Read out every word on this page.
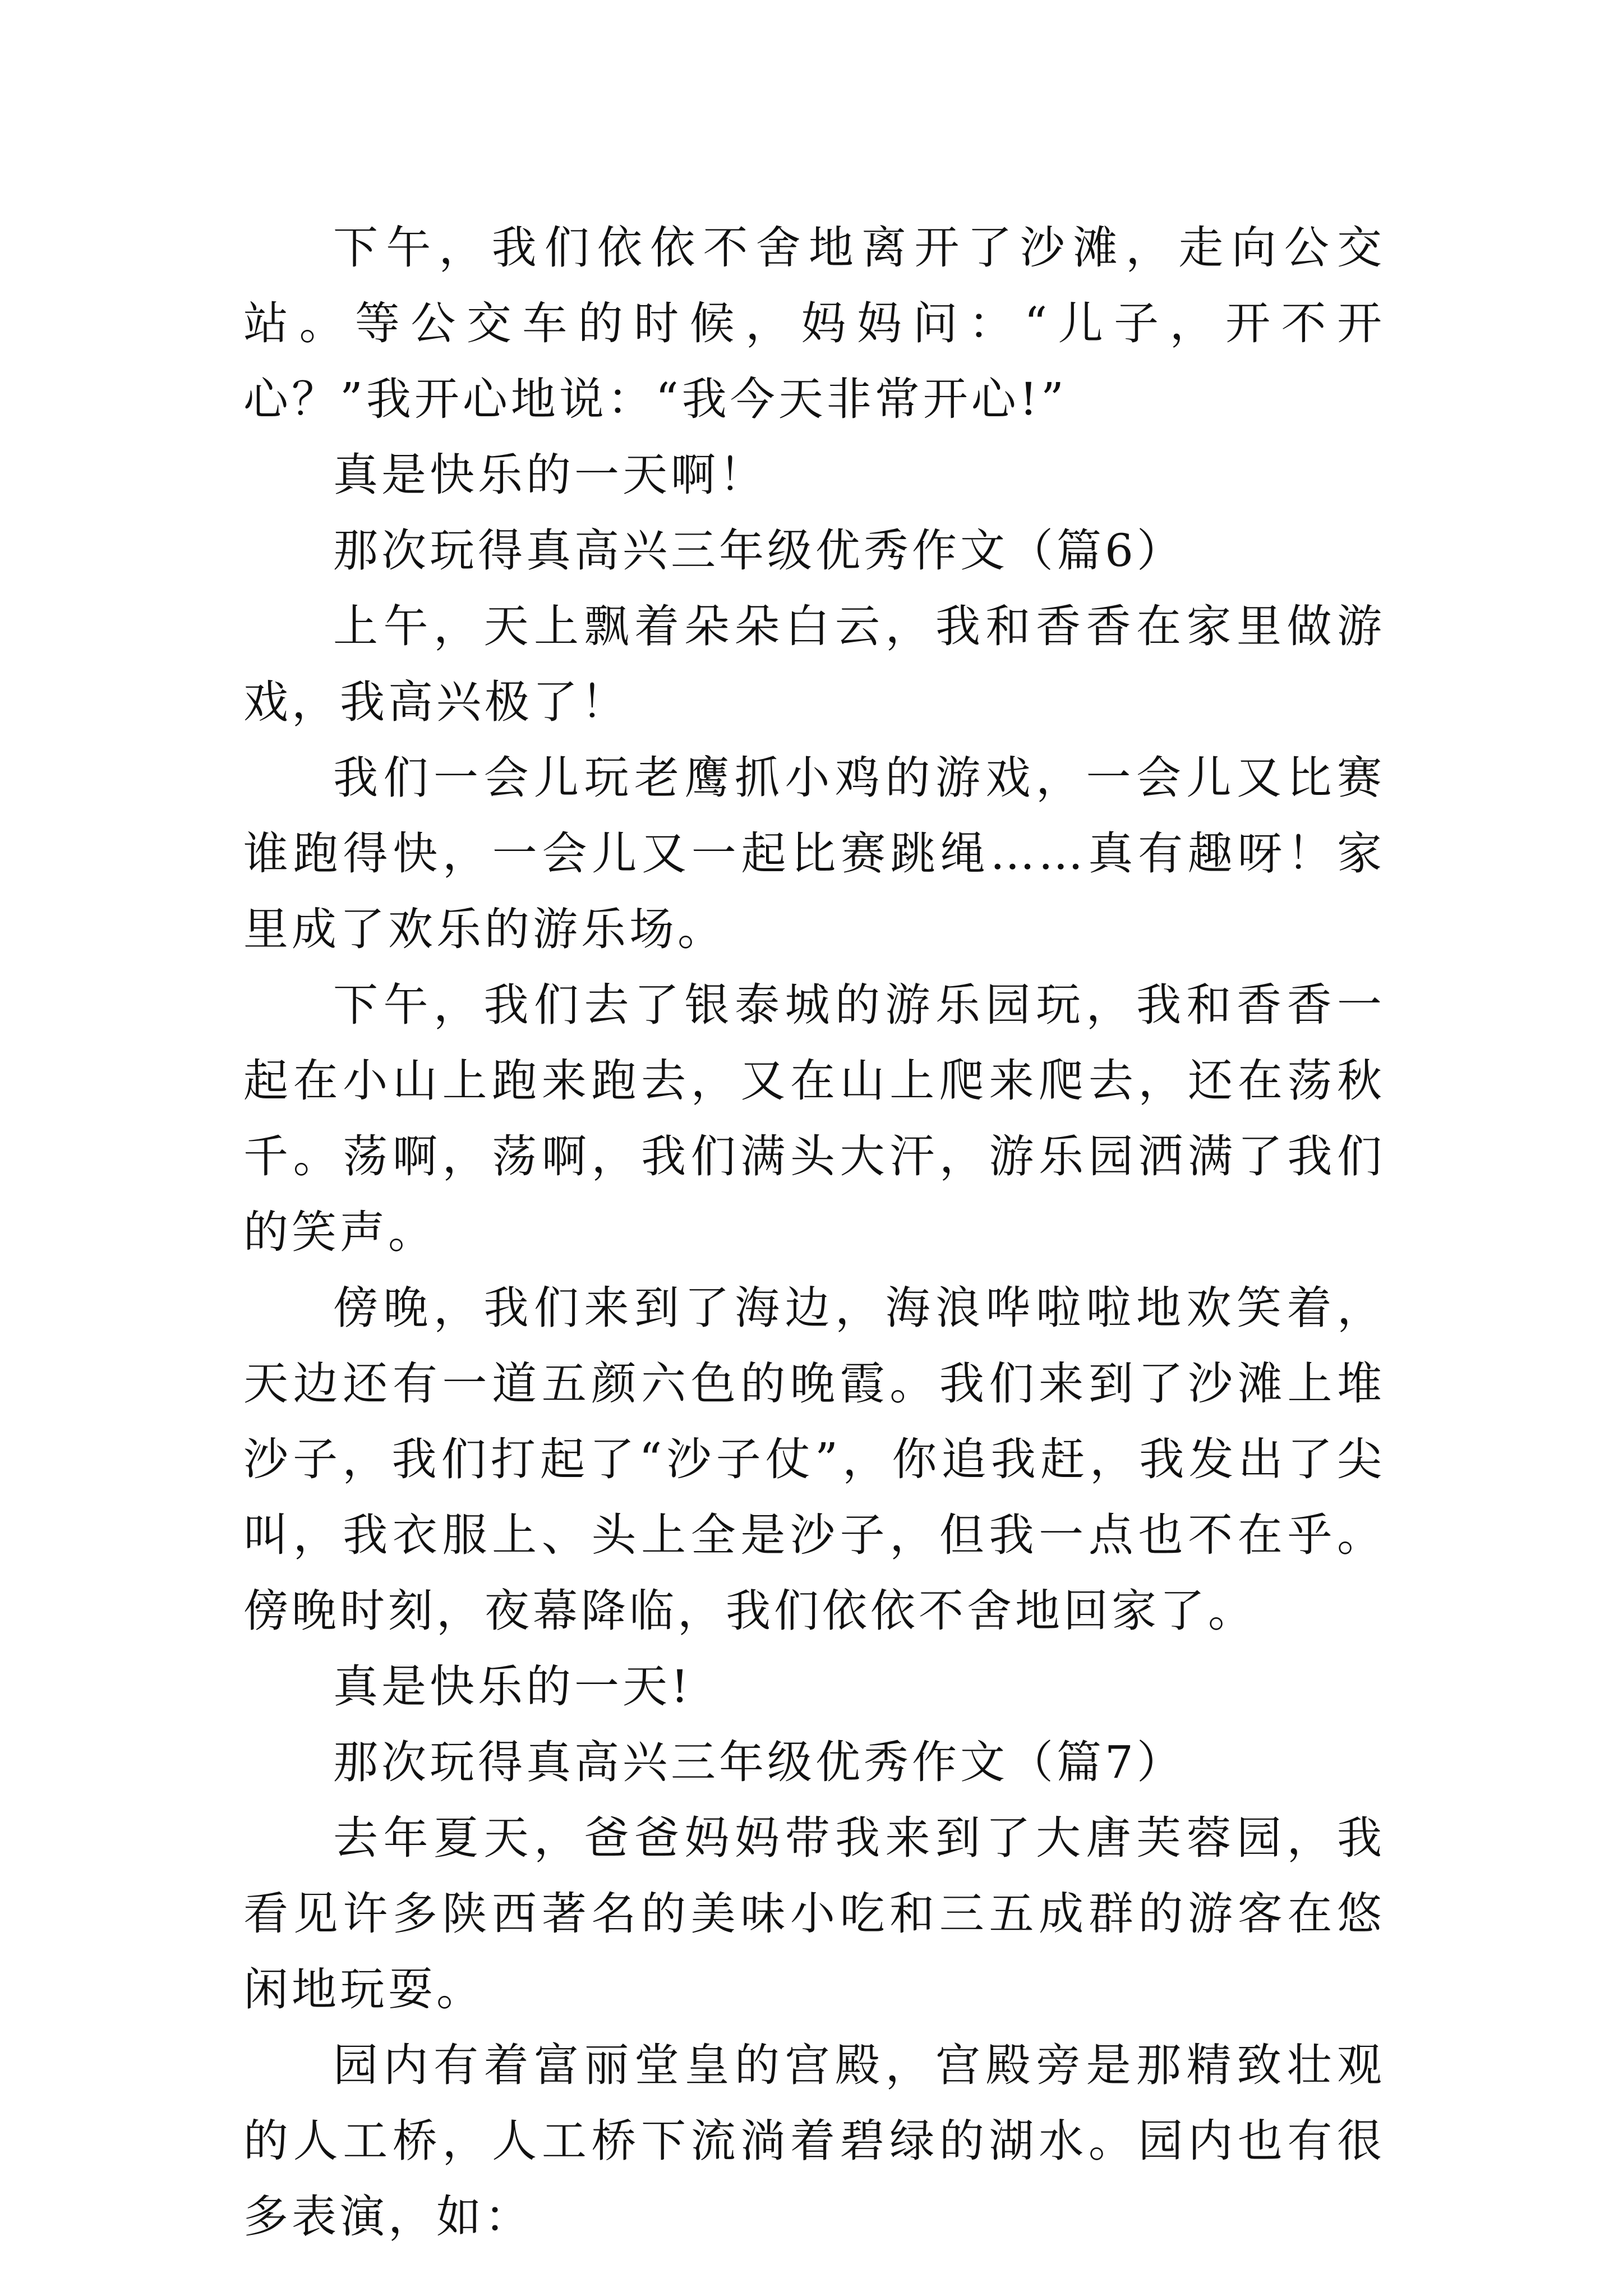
下午，我们依依不舍地离开了沙滩，走向公交站。等公交车的时候，妈妈问：“儿子，开不开心？”我开心地说：“我今天非常开心!”

真是快乐的一天啊！

那次玩得真高兴三年级优秀作文（篇6）

上午，天上飘着朵朵白云，我和香香在家里做游戏，我高兴极了！

我们一会儿玩老鹰抓小鸡的游戏，一会儿又比赛谁跑得快，一会儿又一起比赛跳绳……真有趣呀！家里成了欢乐的游乐场。

下午，我们去了银泰城的游乐园玩，我和香香一起在小山上跑来跑去，又在山上爬来爬去，还在荡秋千。荡啊，荡啊，我们满头大汗，游乐园洒满了我们的笑声。

傍晚，我们来到了海边，海浪哗啦啦地欢笑着，天边还有一道五颜六色的晚霞。我们来到了沙滩上堆沙子，我们打起了“沙子仗”，你追我赶，我发出了尖叫，我衣服上、头上全是沙子，但我一点也不在乎。傍晚时刻，夜幕降临，我们依依不舍地回家了。

真是快乐的一天!

那次玩得真高兴三年级优秀作文（篇7）

去年夏天，爸爸妈妈带我来到了大唐芙蓉园，我看见许多陕西著名的美味小吃和三五成群的游客在悠闲地玩耍。

园内有着富丽堂皇的宫殿，宫殿旁是那精致壮观的人工桥，人工桥下流淌着碧绿的湖水。园内也有很多表演，如：
